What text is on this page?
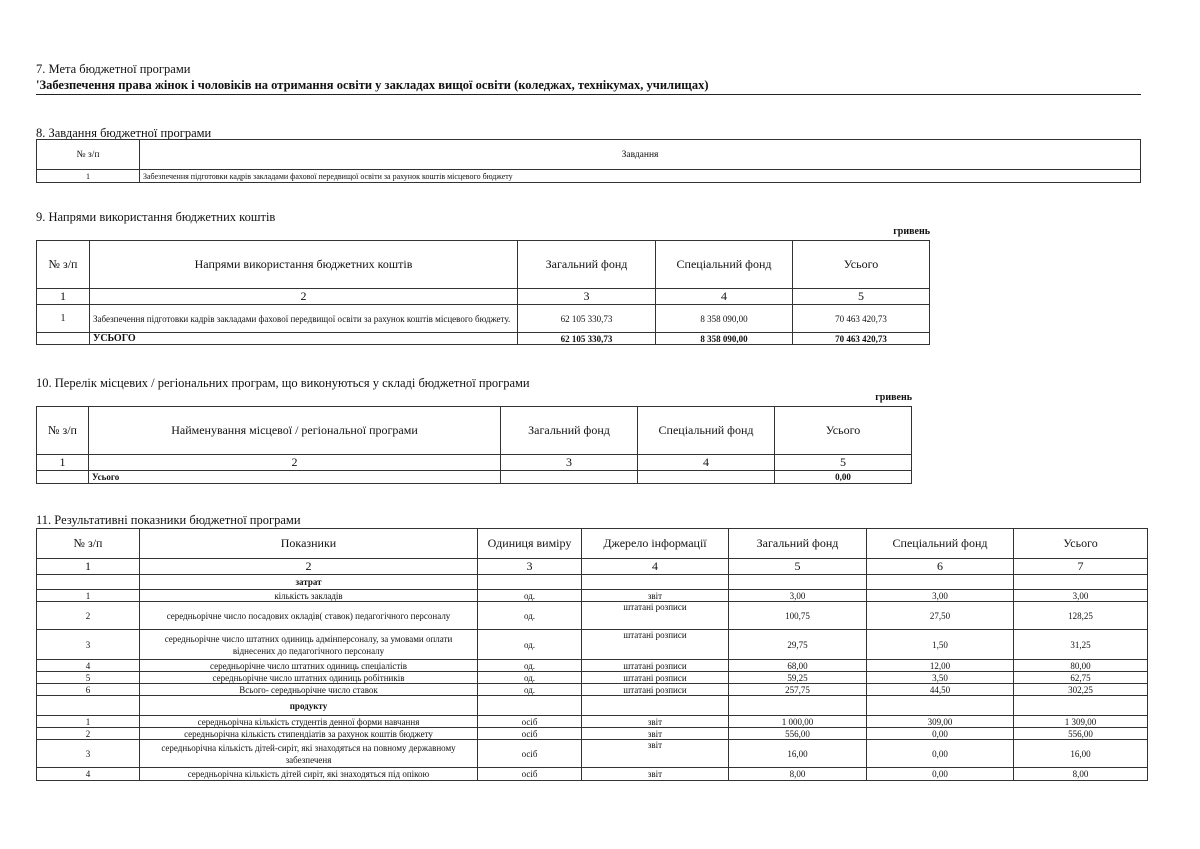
7. Мета бюджетної програми
'Забезпечення права жінок і чоловіків на отримання освіти у закладах вищої освіти (коледжах, технікумах, училищах)
8. Завдання бюджетної програми
№ з/п	Завдання
1	Забезпечення підготовки кадрів закладами фахової передвищої освіти за рахунок коштів місцевого бюджету
9. Напрями використання бюджетних коштів
гривень
№ з/п	Напрями використання бюджетних коштів	Загальний фонд	Спеціальний фонд	Усього
1	2	3	4	5
1	Забезпечення підготовки кадрів закладами фахової передвищої освіти за рахунок коштів місцевого бюджету.	62 105 330,73	8 358 090,00	70 463 420,73
	УСЬОГО	62 105 330,73	8 358 090,00	70 463 420,73
10. Перелік місцевих / регіональних програм, що виконуються у складі бюджетної програми
гривень
№ з/п	Найменування місцевої / регіональної програми	Загальний фонд	Спеціальний фонд	Усього
1	2	3	4	5
	Усього			0,00
11. Результативні показники бюджетної програми
№ з/п	Показники	Одиниця виміру	Джерело інформації	Загальний фонд	Спеціальний фонд	Усього
1	2	3	4	5	6	7
	затрат					
1	кількість закладів	од.	звіт	3,00	3,00	3,00
2	середньорічне число посадових окладів( ставок) педагогічного персоналу	од.	штатані розписи	100,75	27,50	128,25
3	середньорічне число штатних одиниць адмінперсоналу, за умовами оплати віднесених до педагогічного персоналу	од.	штатані розписи	29,75	1,50	31,25
4	середньорічне число штатних одиниць спеціалістів	од.	штатані розписи	68,00	12,00	80,00
5	середньорічне число штатних одиниць робітників	од.	штатані розписи	59,25	3,50	62,75
6	Всього- середньорічне число ставок	од.	штатані розписи	257,75	44,50	302,25
	продукту					
1	середньорічна кількість студентів денної форми навчання	осіб	звіт	1 000,00	309,00	1 309,00
2	середньорічна кількість стипендіатів за рахунок коштів бюджету	осіб	звіт	556,00	0,00	556,00
3	середньорічна кількість дітей-сиріт, які знаходяться на повному державному забезпеченя	осіб	звіт	16,00	0,00	16,00
4	середньорічна кількість дітей сиріт, які знаходяться під опікою	осіб	звіт	8,00	0,00	8,00
